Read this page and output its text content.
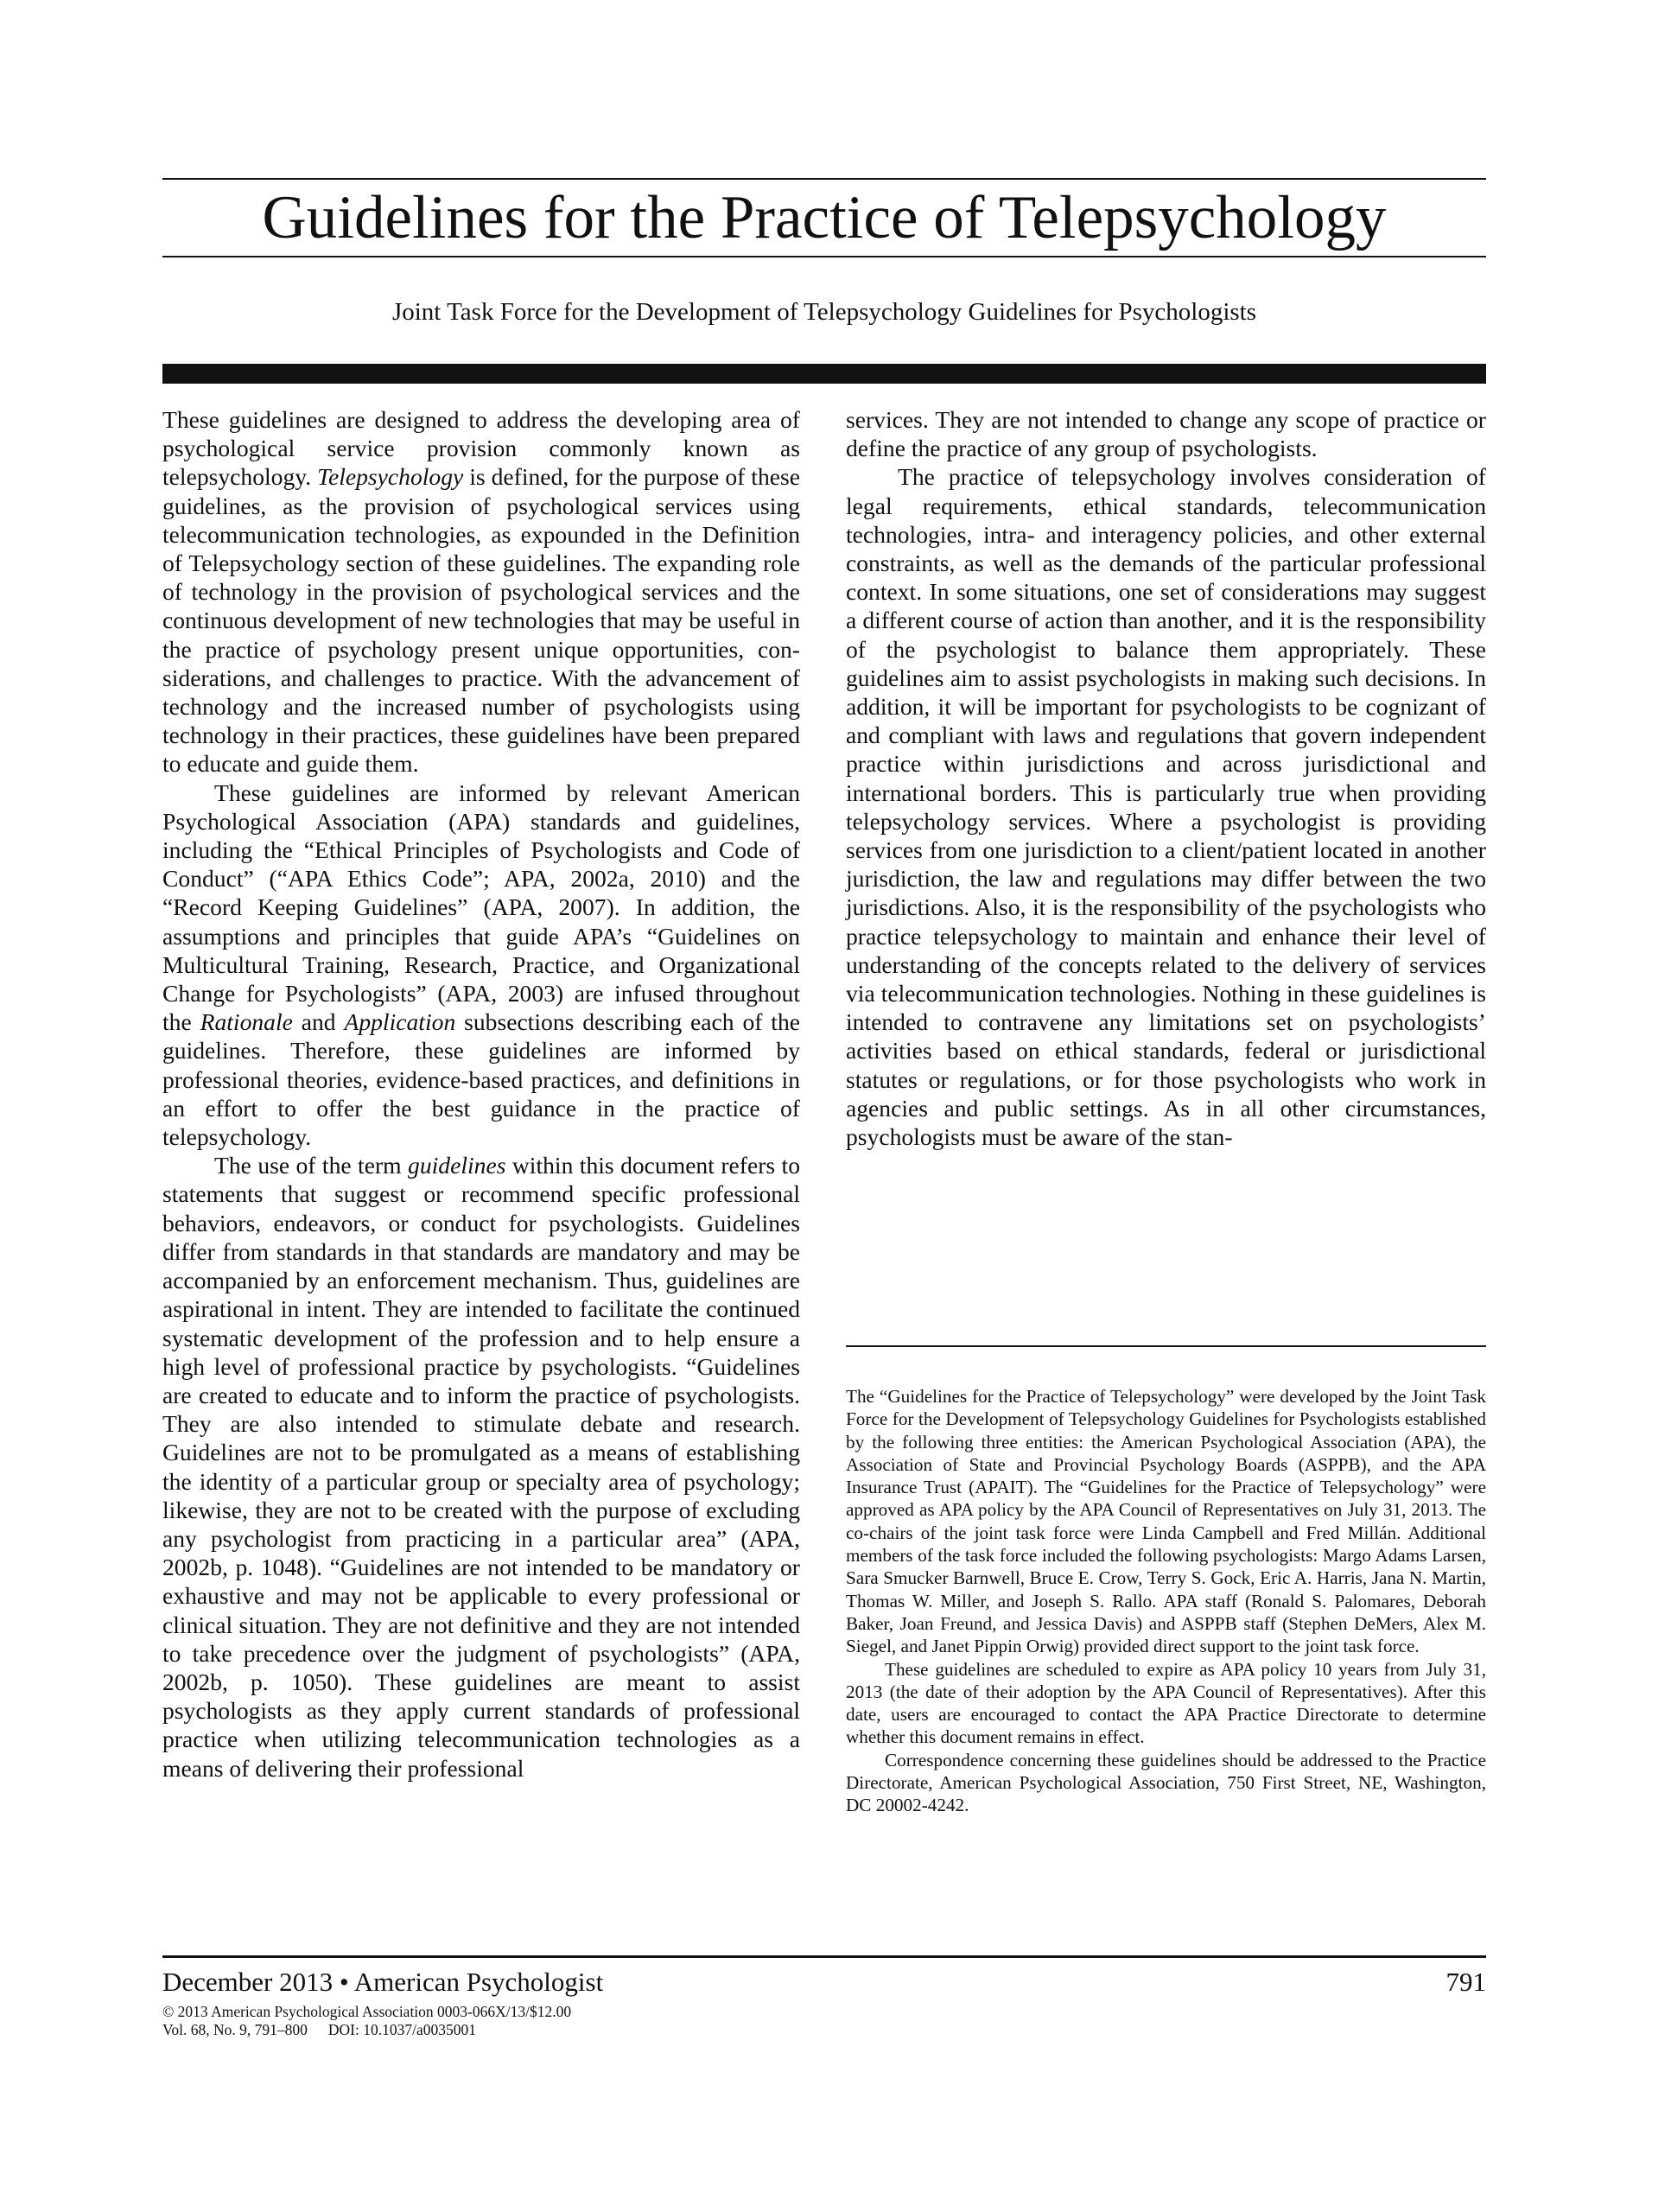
Guidelines for the Practice of Telepsychology
Joint Task Force for the Development of Telepsychology Guidelines for Psychologists

These guidelines are designed to address the developing area of psychological service provision commonly known as telepsychology. Telepsychology is defined, for the purpose of these guidelines, as the provision of psychological services using telecommunication technologies, as expounded in the Definition of Telepsychology section of these guidelines. The expanding role of technology in the provision of psychological services and the continuous development of new technologies that may be useful in the practice of psychology present unique opportunities, considerations, and challenges to practice. With the advancement of technology and the increased number of psychologists using technology in their practices, these guidelines have been prepared to educate and guide them.

These guidelines are informed by relevant American Psychological Association (APA) standards and guidelines, including the “Ethical Principles of Psychologists and Code of Conduct” (“APA Ethics Code”; APA, 2002a, 2010) and the “Record Keeping Guidelines” (APA, 2007). In addition, the assumptions and principles that guide APA’s “Guidelines on Multicultural Training, Research, Practice, and Organizational Change for Psychologists” (APA, 2003) are infused throughout the Rationale and Application subsections describing each of the guidelines. Therefore, these guidelines are informed by professional theories, evidence-based practices, and definitions in an effort to offer the best guidance in the practice of telepsychology.

The use of the term guidelines within this document refers to statements that suggest or recommend specific professional behaviors, endeavors, or conduct for psychologists. Guidelines differ from standards in that standards are mandatory and may be accompanied by an enforcement mechanism. Thus, guidelines are aspirational in intent. They are intended to facilitate the continued systematic development of the profession and to help ensure a high level of professional practice by psychologists. “Guidelines are created to educate and to inform the practice of psychologists. They are also intended to stimulate debate and research. Guidelines are not to be promulgated as a means of establishing the identity of a particular group or specialty area of psychology; likewise, they are not to be created with the purpose of excluding any psychologist from practicing in a particular area” (APA, 2002b, p. 1048). “Guidelines are not intended to be mandatory or exhaustive and may not be applicable to every professional or clinical situation. They are not definitive and they are not intended to take precedence over the judgment of psychologists” (APA, 2002b, p. 1050). These guidelines are meant to assist psychologists as they apply current standards of professional practice when utilizing telecommunication technologies as a means of delivering their professional

services. They are not intended to change any scope of practice or define the practice of any group of psychologists.

The practice of telepsychology involves consideration of legal requirements, ethical standards, telecommunication technologies, intra- and interagency policies, and other external constraints, as well as the demands of the particular professional context. In some situations, one set of considerations may suggest a different course of action than another, and it is the responsibility of the psychologist to balance them appropriately. These guidelines aim to assist psychologists in making such decisions. In addition, it will be important for psychologists to be cognizant of and compliant with laws and regulations that govern independent practice within jurisdictions and across jurisdictional and international borders. This is particularly true when providing telepsychology services. Where a psychologist is providing services from one jurisdiction to a client/patient located in another jurisdiction, the law and regulations may differ between the two jurisdictions. Also, it is the responsibility of the psychologists who practice telepsychology to maintain and enhance their level of understanding of the concepts related to the delivery of services via telecommunication technologies. Nothing in these guidelines is intended to contravene any limitations set on psychologists’ activities based on ethical standards, federal or jurisdictional statutes or regulations, or for those psychologists who work in agencies and public settings. As in all other circumstances, psychologists must be aware of the stan-

The “Guidelines for the Practice of Telepsychology” were developed by the Joint Task Force for the Development of Telepsychology Guidelines for Psychologists established by the following three entities: the American Psychological Association (APA), the Association of State and Provincial Psychology Boards (ASPPB), and the APA Insurance Trust (APAIT). The “Guidelines for the Practice of Telepsychology” were approved as APA policy by the APA Council of Representatives on July 31, 2013. The co-chairs of the joint task force were Linda Campbell and Fred Millán. Additional members of the task force included the following psychologists: Margo Adams Larsen, Sara Smucker Barnwell, Bruce E. Crow, Terry S. Gock, Eric A. Harris, Jana N. Martin, Thomas W. Miller, and Joseph S. Rallo. APA staff (Ronald S. Palomares, Deborah Baker, Joan Freund, and Jessica Davis) and ASPPB staff (Stephen DeMers, Alex M. Siegel, and Janet Pippin Orwig) provided direct support to the joint task force.

These guidelines are scheduled to expire as APA policy 10 years from July 31, 2013 (the date of their adoption by the APA Council of Representatives). After this date, users are encouraged to contact the APA Practice Directorate to determine whether this document remains in effect.

Correspondence concerning these guidelines should be addressed to the Practice Directorate, American Psychological Association, 750 First Street, NE, Washington, DC 20002-4242.

December 2013 • American Psychologist	791
© 2013 American Psychological Association 0003-066X/13/$12.00
Vol. 68, No. 9, 791–800 DOI: 10.1037/a0035001
